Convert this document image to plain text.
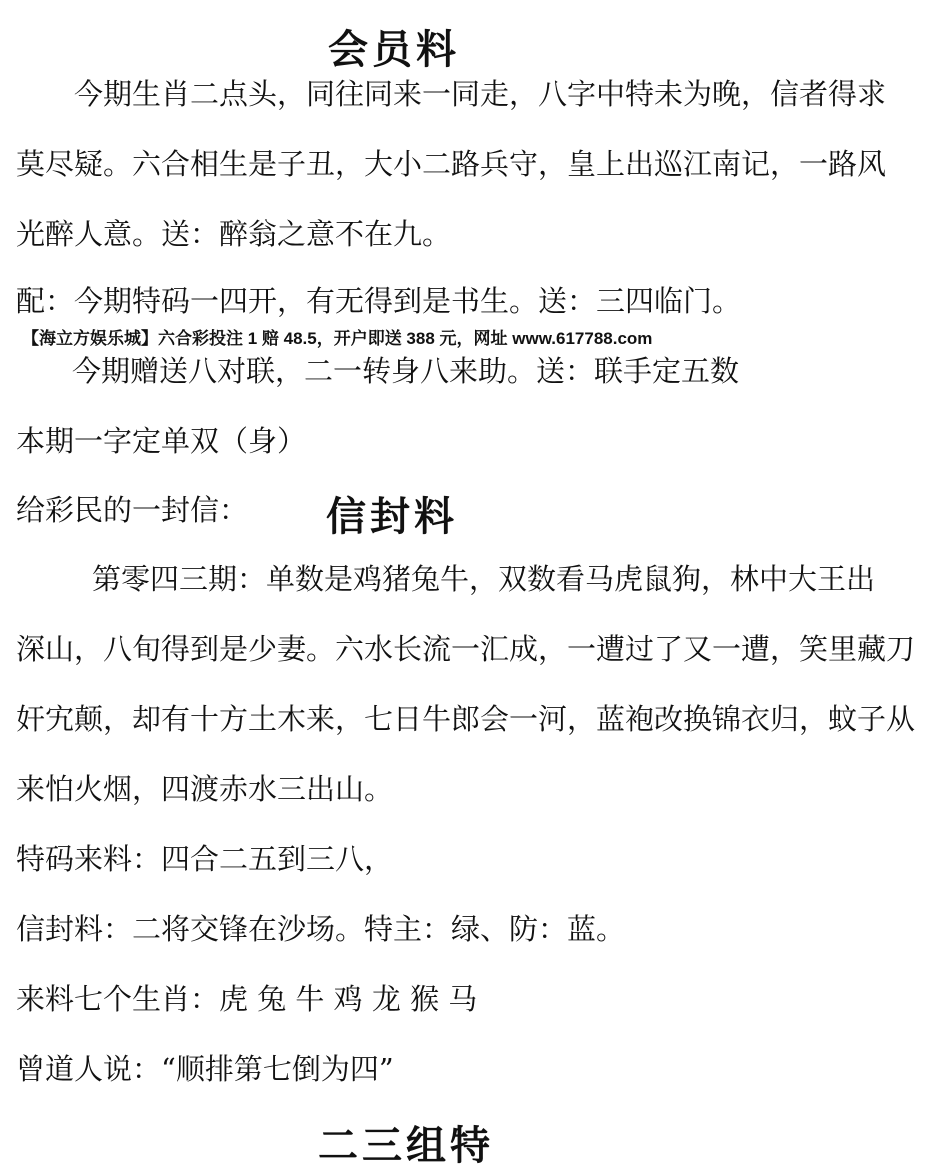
会员料
今期生肖二点头，同往同来一同走，八字中特未为晚，信者得求
莫尽疑。六合相生是子丑，大小二路兵守，皇上出巡江南记，一路风
光醉人意。送：醉翁之意不在九。
配：今期特码一四开，有无得到是书生。送：三四临门。
【海立方娱乐城】六合彩投注 1 赔 48.5，开户即送 388 元，网址 www.617788.com
今期赠送八对联，二一转身八来助。送：联手定五数
本期一字定单双（身）
给彩民的一封信： 信封料
第零四三期：单数是鸡猪兔牛，双数看马虎鼠狗，林中大王出
深山，八旬得到是少妻。六水长流一汇成，一遭过了又一遭，笑里藏刀
奸宄颠，却有十方土木来，七日牛郎会一河，蓝袍改换锦衣归，蚊子从
来怕火烟，四渡赤水三出山。
特码来料：四合二五到三八，
信封料：二将交锋在沙场。特主：绿、防：蓝。
来料七个生肖：虎 兔 牛 鸡 龙 猴 马
曾道人说：“顺排第七倒为四”
二三组特
